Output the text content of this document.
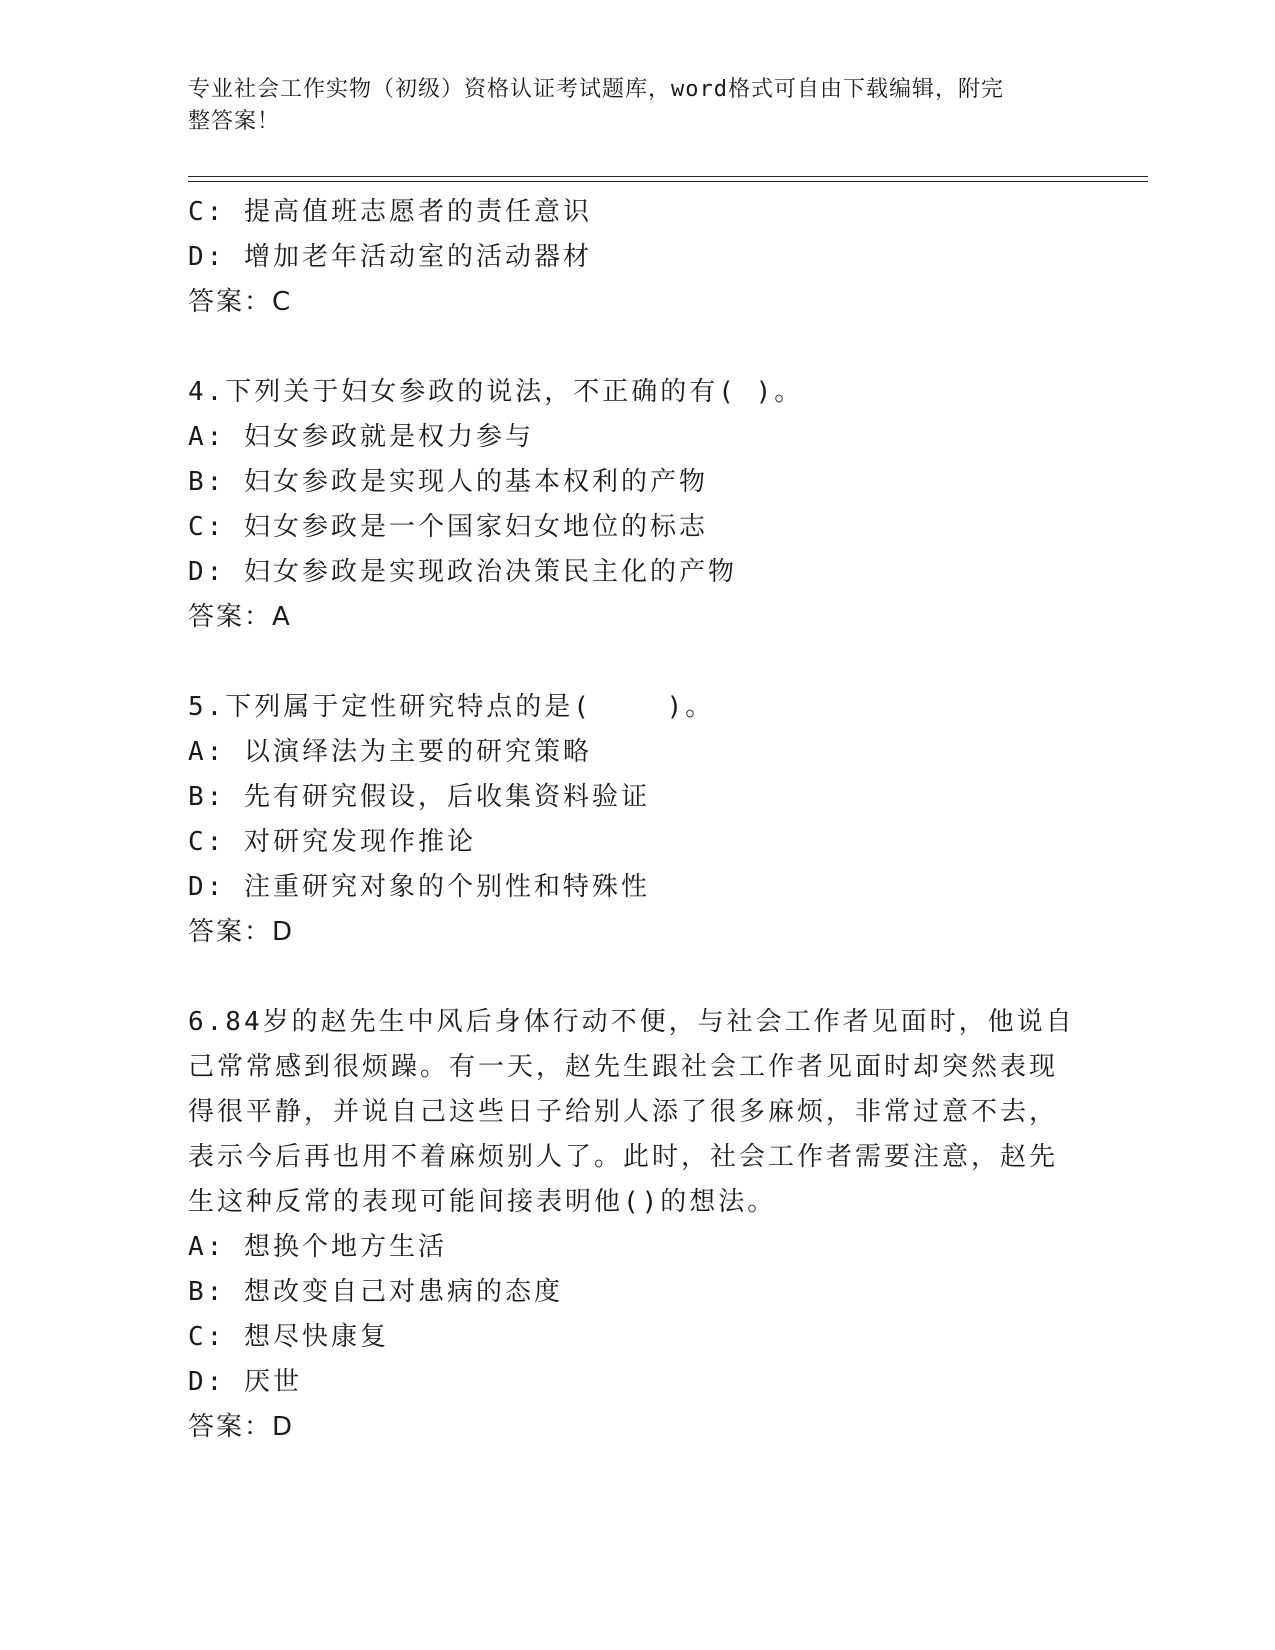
专业社会工作实物（初级）资格认证考试题库，word格式可自由下载编辑，附完
整答案！
C: 提高值班志愿者的责任意识
D: 增加老年活动室的活动器材
答案：C
4.下列关于妇女参政的说法，不正确的有( )。
A: 妇女参政就是权力参与
B: 妇女参政是实现人的基本权利的产物
C: 妇女参政是一个国家妇女地位的标志
D: 妇女参政是实现政治决策民主化的产物
答案：A
5.下列属于定性研究特点的是(    )。
A: 以演绎法为主要的研究策略
B: 先有研究假设，后收集资料验证
C: 对研究发现作推论
D: 注重研究对象的个别性和特殊性
答案：D
6.84岁的赵先生中风后身体行动不便，与社会工作者见面时，他说自
己常常感到很烦躁。有一天，赵先生跟社会工作者见面时却突然表现
得很平静，并说自己这些日子给别人添了很多麻烦，非常过意不去，
表示今后再也用不着麻烦别人了。此时，社会工作者需要注意，赵先
生这种反常的表现可能间接表明他()的想法。
A: 想换个地方生活
B: 想改变自己对患病的态度
C: 想尽快康复
D: 厌世
答案：D
